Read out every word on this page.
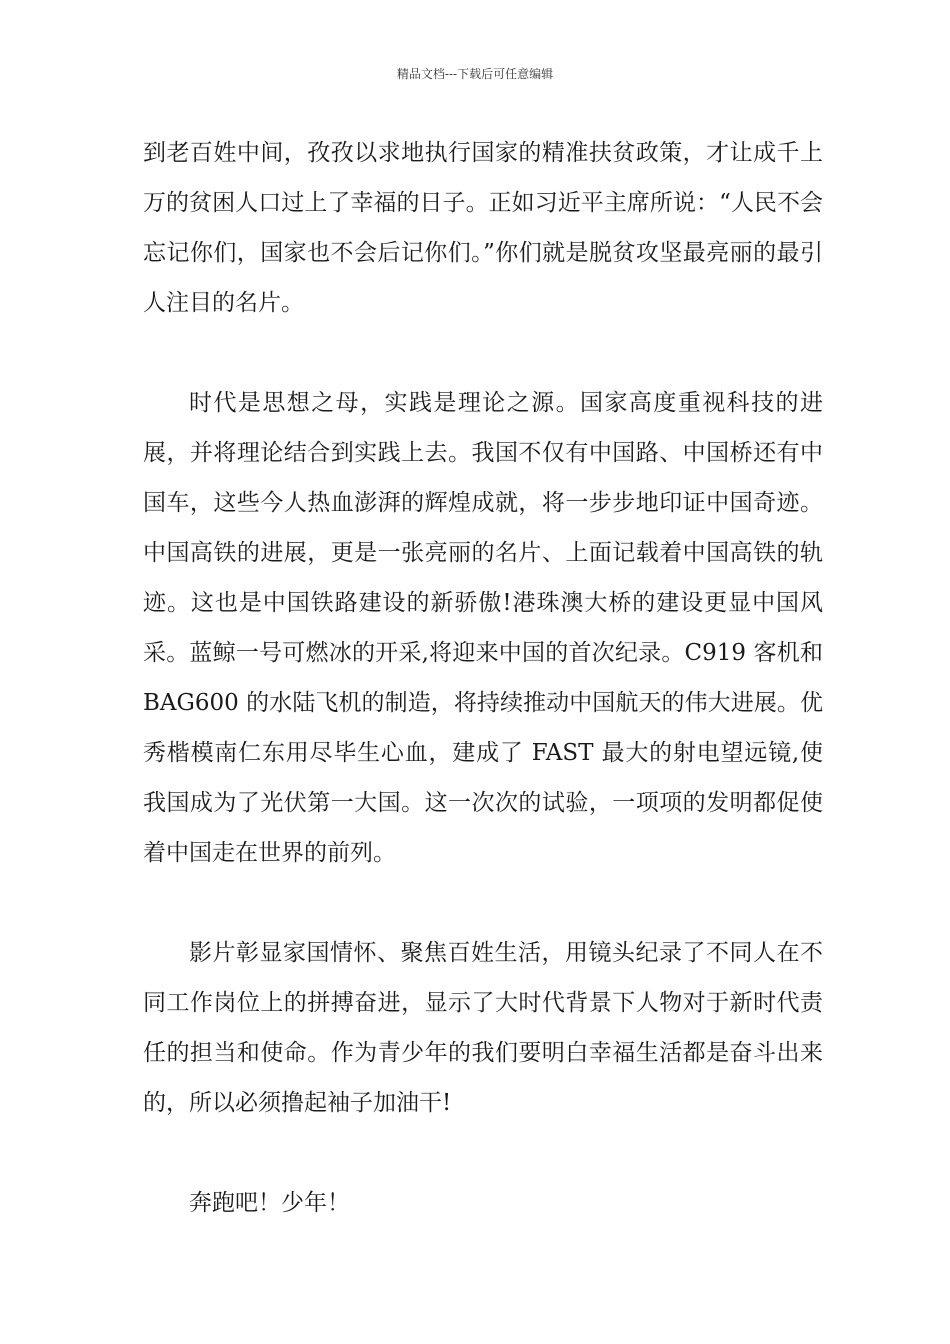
精品文档---下载后可任意编辑

到老百姓中间，孜孜以求地执行国家的精准扶贫政策，才让成千上万的贫困人口过上了幸福的日子。正如习近平主席所说：“人民不会忘记你们，国家也不会后记你们。”你们就是脱贫攻坚最亮丽的最引人注目的名片。

时代是思想之母，实践是理论之源。国家高度重视科技的进展，并将理论结合到实践上去。我国不仅有中国路、中国桥还有中国车，这些今人热血澎湃的辉煌成就，将一步步地印证中国奇迹。中国高铁的进展，更是一张亮丽的名片、上面记载着中国高铁的轨迹。这也是中国铁路建设的新骄傲!港珠澳大桥的建设更显中国风采。蓝鲸一号可燃冰的开采,将迎来中国的首次纪录。C919 客机和 BAG600 的水陆飞机的制造，将持续推动中国航天的伟大进展。优秀楷模南仁东用尽毕生心血，建成了 FAST 最大的射电望远镜,使我国成为了光伏第一大国。这一次次的试验，一项项的发明都促使着中国走在世界的前列。

影片彰显家国情怀、聚焦百姓生活，用镜头纪录了不同人在不同工作岗位上的拼搏奋进，显示了大时代背景下人物对于新时代责任的担当和使命。作为青少年的我们要明白幸福生活都是奋斗出来的，所以必须撸起袖子加油干!

奔跑吧！少年！
